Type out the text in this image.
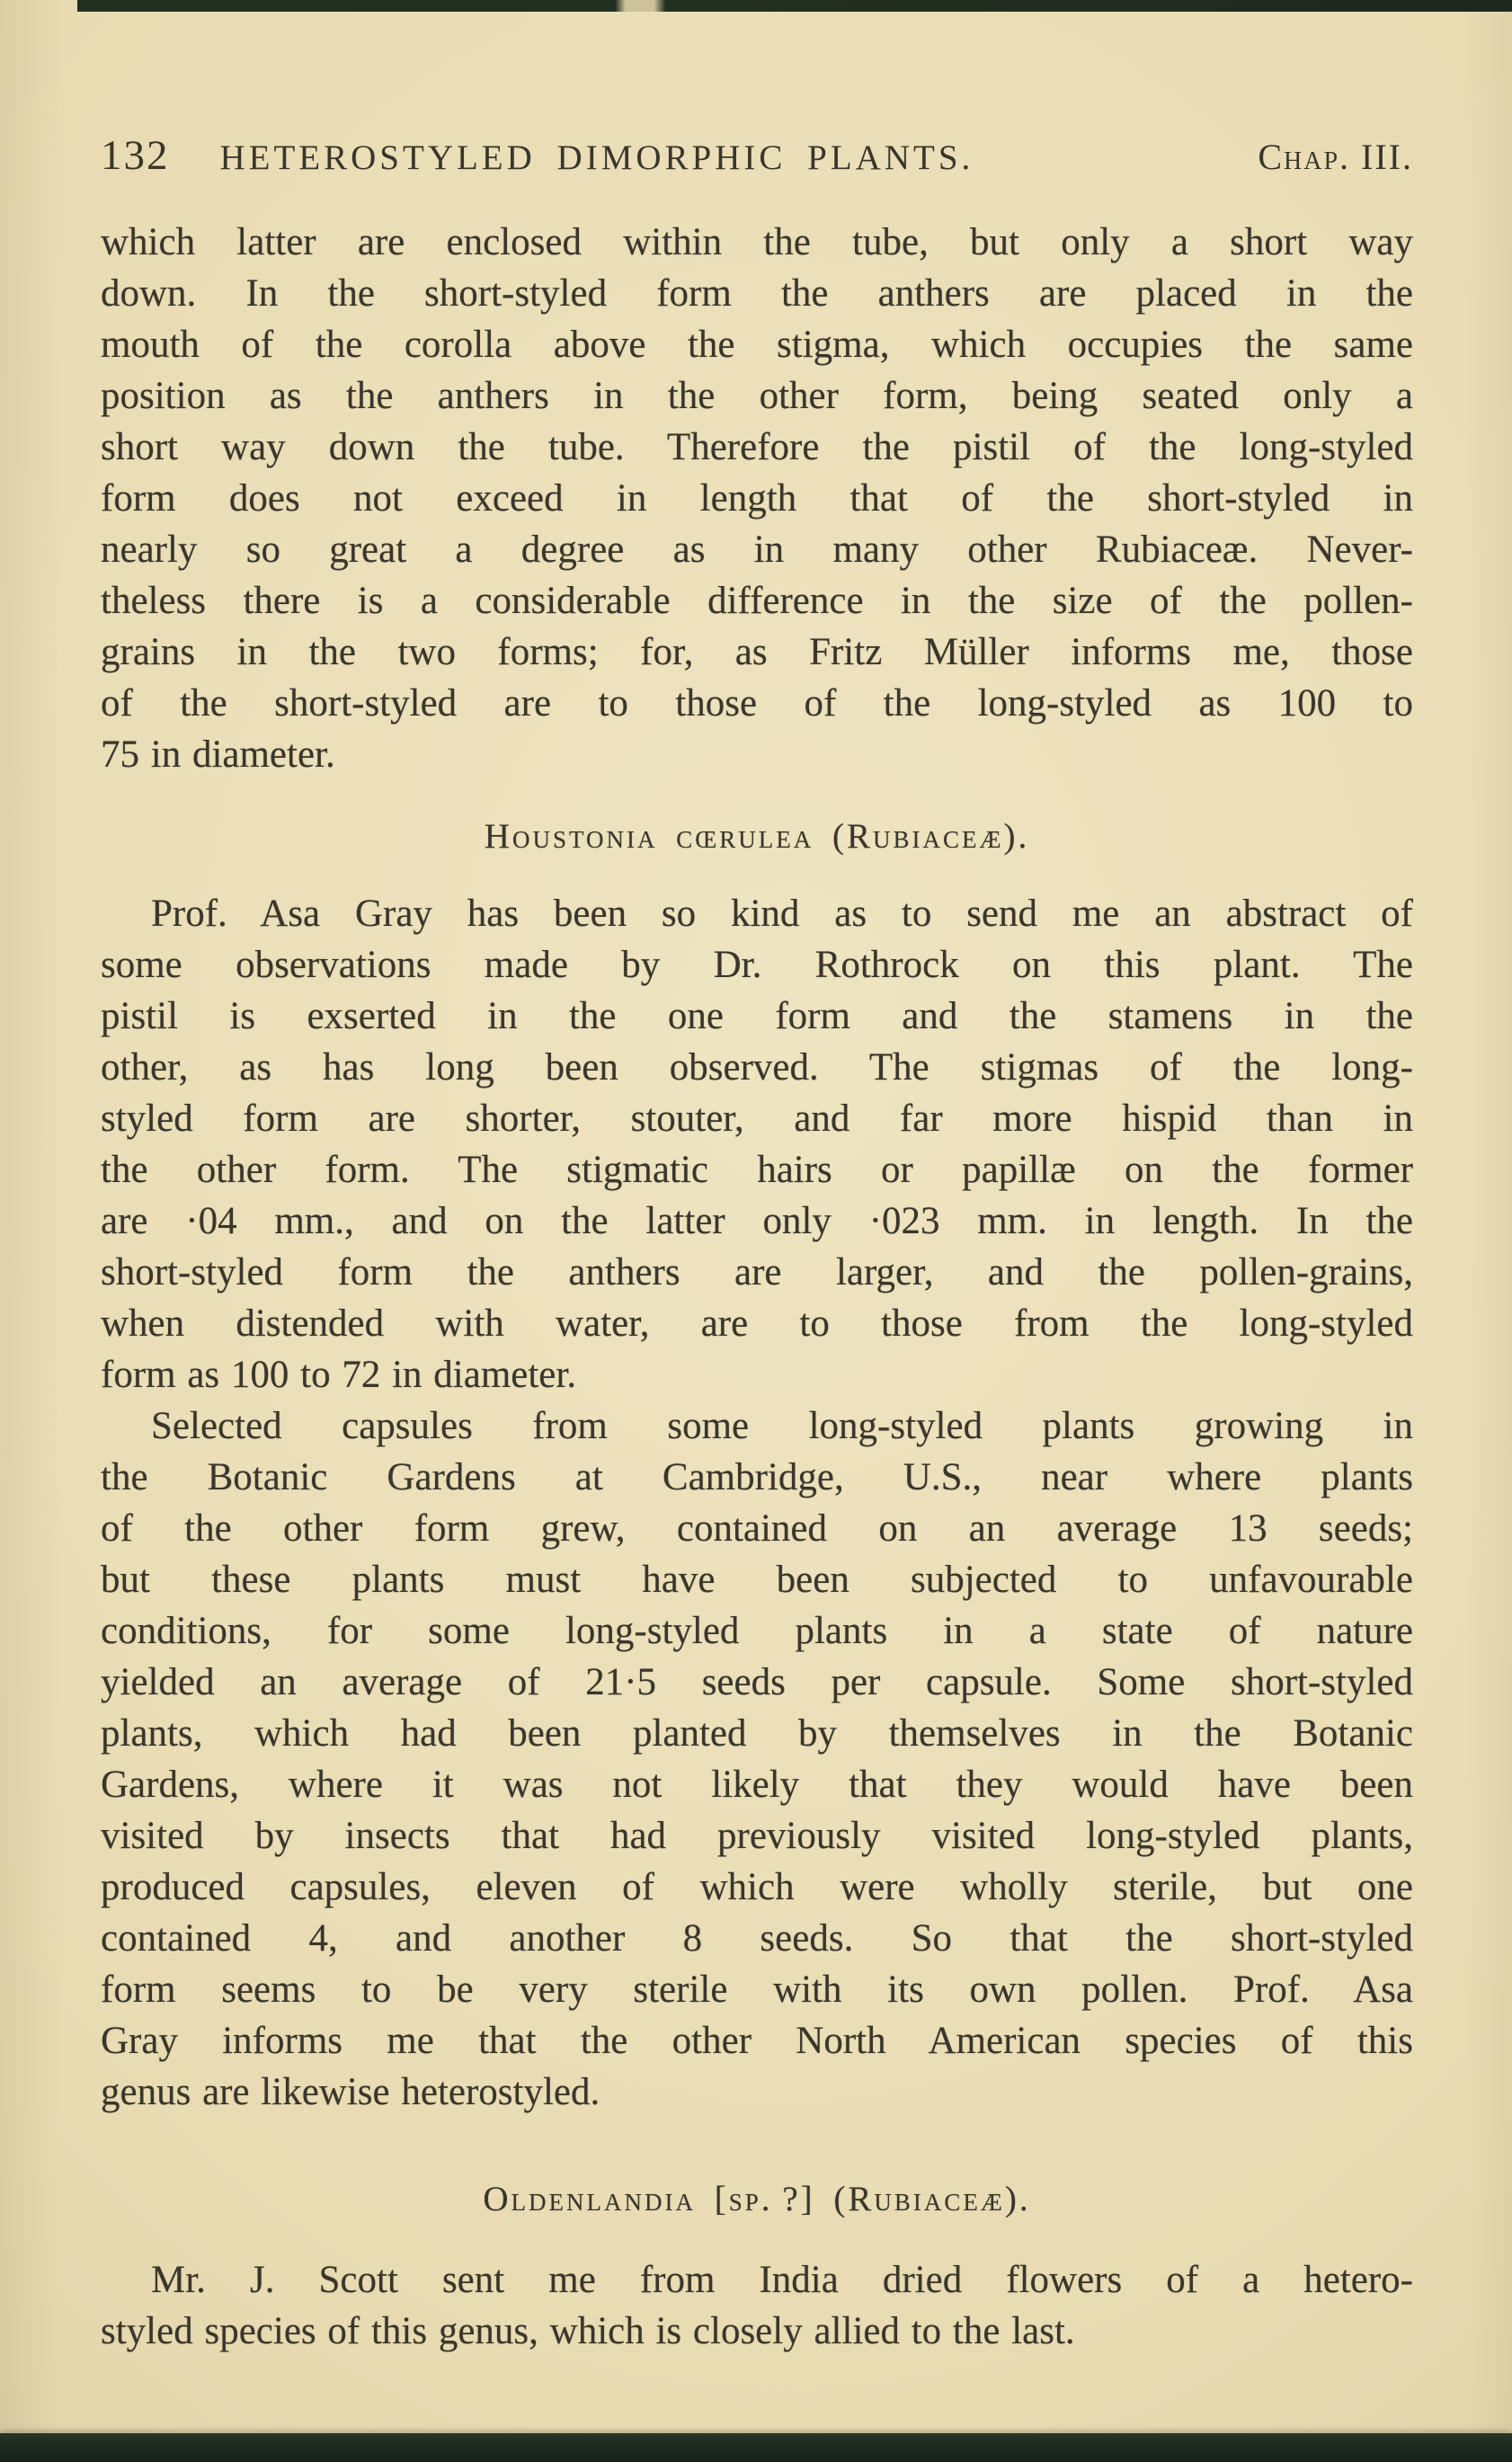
132 HETEROSTYLED DIMORPHIC PLANTS.	Chap. III.
which latter are enclosed within the tube, but only a short way
down. In the short-styled form the anthers are placed in the
mouth of the corolla above the stigma, which occupies the same
position as the anthers in the other form, being seated only a
short way down the tube. Therefore the pistil of the long-styled
form does not exceed in length that of the short-styled in
nearly so great a degree as in many other Rubiaceæ. Never-
theless there is a considerable difference in the size of the pollen-
grains in the two forms; for, as Fritz Müller informs me, those
of the short-styled are to those of the long-styled as 100 to
75 in diameter.
Houstonia cœrulea (Rubiaceæ).
Prof. Asa Gray has been so kind as to send me an abstract of
some observations made by Dr. Rothrock on this plant. The
pistil is exserted in the one form and the stamens in the
other, as has long been observed. The stigmas of the long-
styled form are shorter, stouter, and far more hispid than in
the other form. The stigmatic hairs or papillæ on the former
are ·04 mm., and on the latter only ·023 mm. in length. In the
short-styled form the anthers are larger, and the pollen-grains,
when distended with water, are to those from the long-styled
form as 100 to 72 in diameter.
Selected capsules from some long-styled plants growing in
the Botanic Gardens at Cambridge, U.S., near where plants
of the other form grew, contained on an average 13 seeds;
but these plants must have been subjected to unfavourable
conditions, for some long-styled plants in a state of nature
yielded an average of 21·5 seeds per capsule. Some short-styled
plants, which had been planted by themselves in the Botanic
Gardens, where it was not likely that they would have been
visited by insects that had previously visited long-styled plants,
produced capsules, eleven of which were wholly sterile, but one
contained 4, and another 8 seeds. So that the short-styled
form seems to be very sterile with its own pollen. Prof. Asa
Gray informs me that the other North American species of this
genus are likewise heterostyled.
Oldenlandia [sp. ?] (Rubiaceæ).
Mr. J. Scott sent me from India dried flowers of a hetero-
styled species of this genus, which is closely allied to the last.
